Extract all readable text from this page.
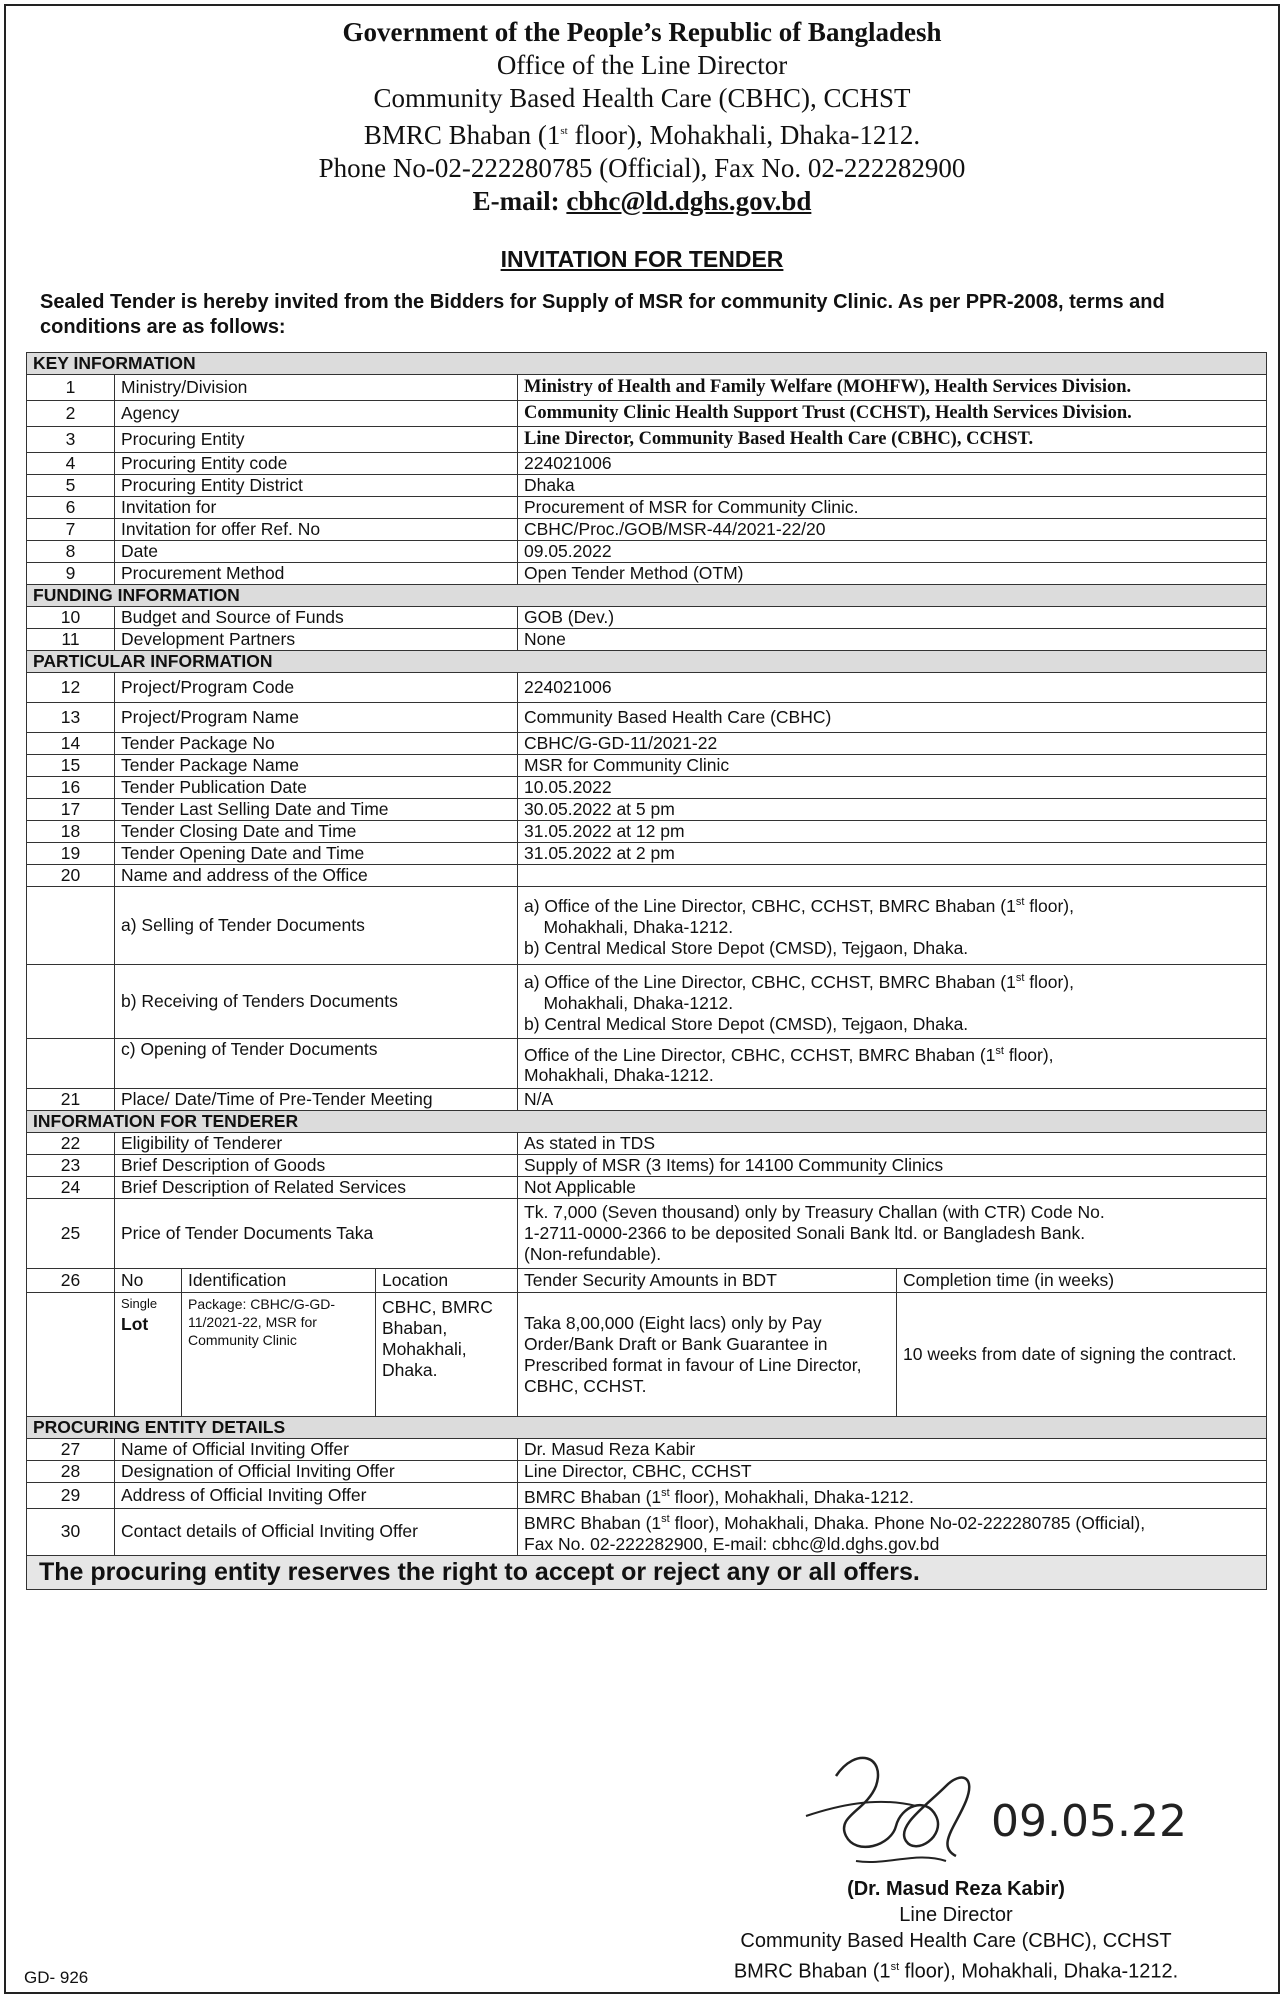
Government of the People’s Republic of Bangladesh
Office of the Line Director
Community Based Health Care (CBHC), CCHST
BMRC Bhaban (1st floor), Mohakhali, Dhaka-1212.
Phone No-02-222280785 (Official), Fax No. 02-222282900
E-mail: cbhc@ld.dghs.gov.bd
INVITATION FOR TENDER
Sealed Tender is hereby invited from the Bidders for Supply of MSR for community Clinic. As per PPR-2008, terms and conditions are as follows:
KEY INFORMATION					
1	Ministry/Division			Ministry of Health and Family Welfare (MOHFW), Health Services Division.	
2	Agency			Community Clinic Health Support Trust (CCHST), Health Services Division.	
3	Procuring Entity			Line Director, Community Based Health Care (CBHC), CCHST.	
4	Procuring Entity code			224021006	
5	Procuring Entity District			Dhaka	
6	Invitation for			Procurement of MSR for Community Clinic.	
7	Invitation for offer Ref. No			CBHC/Proc./GOB/MSR-44/2021-22/20	
8	Date			09.05.2022	
9	Procurement Method			Open Tender Method (OTM)	
FUNDING INFORMATION					
10	Budget and Source of Funds			GOB (Dev.)	
11	Development Partners			None	
PARTICULAR INFORMATION					
12	Project/Program Code			224021006	
13	Project/Program Name			Community Based Health Care (CBHC)	
14	Tender Package No			CBHC/G-GD-11/2021-22	
15	Tender Package Name			MSR for Community Clinic	
16	Tender Publication Date			10.05.2022	
17	Tender Last Selling Date and Time			30.05.2022 at 5 pm	
18	Tender Closing Date and Time			31.05.2022 at 12 pm	
19	Tender Opening Date and Time			31.05.2022 at 2 pm	
20	Name and address of the Office				
	a) Selling of Tender Documents			a) Office of the Line Director, CBHC, CCHST, BMRC Bhaban (1st floor),
Mohakhali, Dhaka-1212.
b) Central Medical Store Depot (CMSD), Tejgaon, Dhaka.	
	b) Receiving of Tenders Documents			a) Office of the Line Director, CBHC, CCHST, BMRC Bhaban (1st floor),
Mohakhali, Dhaka-1212.
b) Central Medical Store Depot (CMSD), Tejgaon, Dhaka.	
	c) Opening of Tender Documents			Office of the Line Director, CBHC, CCHST, BMRC Bhaban (1st floor),
Mohakhali, Dhaka-1212.	
21	Place/ Date/Time of Pre-Tender Meeting			N/A	
INFORMATION FOR TENDERER					
22	Eligibility of Tenderer			As stated in TDS	
23	Brief Description of Goods			Supply of MSR (3 Items) for 14100 Community Clinics	
24	Brief Description of Related Services			Not Applicable	
25	Price of Tender Documents Taka			Tk. 7,000 (Seven thousand) only by Treasury Challan (with CTR) Code No.
1-2711-0000-2366 to be deposited Sonali Bank ltd. or Bangladesh Bank.
(Non-refundable).	
26	No	Identification	Location	Tender Security Amounts in BDT	Completion time (in weeks)

	Single
Lot	Package: CBHC/G-GD-11/2021-22, MSR for Community Clinic	CBHC, BMRC Bhaban, Mohakhali, Dhaka.	Taka 8,00,000 (Eight lacs) only by Pay Order/Bank Draft or Bank Guarantee in Prescribed format in favour of Line Director, CBHC, CCHST.	10 weeks from date of signing the contract.
PROCURING ENTITY DETAILS					
27	Name of Official Inviting Offer			Dr. Masud Reza Kabir	
28	Designation of Official Inviting Offer			Line Director, CBHC, CCHST	
29	Address of Official Inviting Offer			BMRC Bhaban (1st floor), Mohakhali, Dhaka-1212.	
30	Contact details of Official Inviting Offer			BMRC Bhaban (1st floor), Mohakhali, Dhaka. Phone No-02-222280785 (Official),
Fax No. 02-222282900, E-mail: cbhc@ld.dghs.gov.bd	
The procuring entity reserves the right to accept or reject any or all offers.					
09.05.22
(Dr. Masud Reza Kabir)
Line Director
Community Based Health Care (CBHC), CCHST
BMRC Bhaban (1st floor), Mohakhali, Dhaka-1212.
GD- 926
